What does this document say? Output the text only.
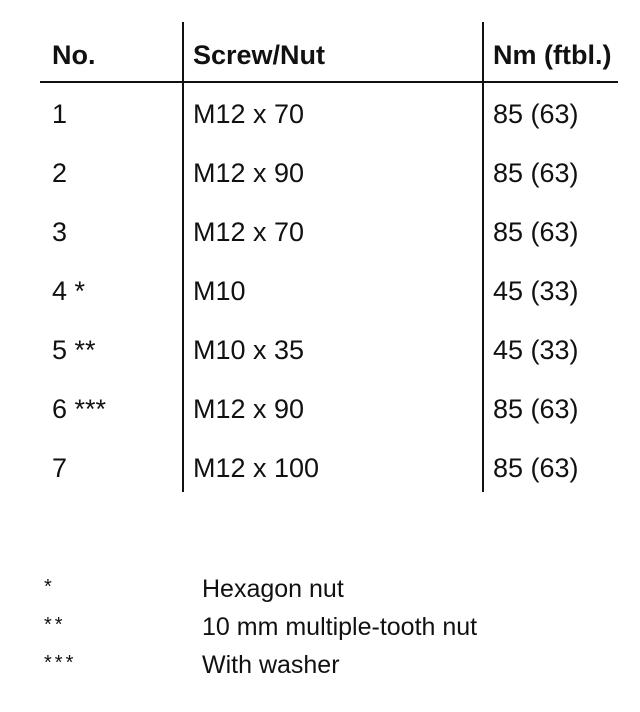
No.	Screw/Nut	Nm (ftbl.)
1	M12 x 70	85 (63)
2	M12 x 90	85 (63)
3	M12 x 70	85 (63)
4 *	M10	45 (33)
5 **	M10 x 35	45 (33)
6 ***	M12 x 90	85 (63)
7	M12 x 100	85 (63)
*	Hexagon nut
**	10 mm multiple-tooth nut
***	With washer
